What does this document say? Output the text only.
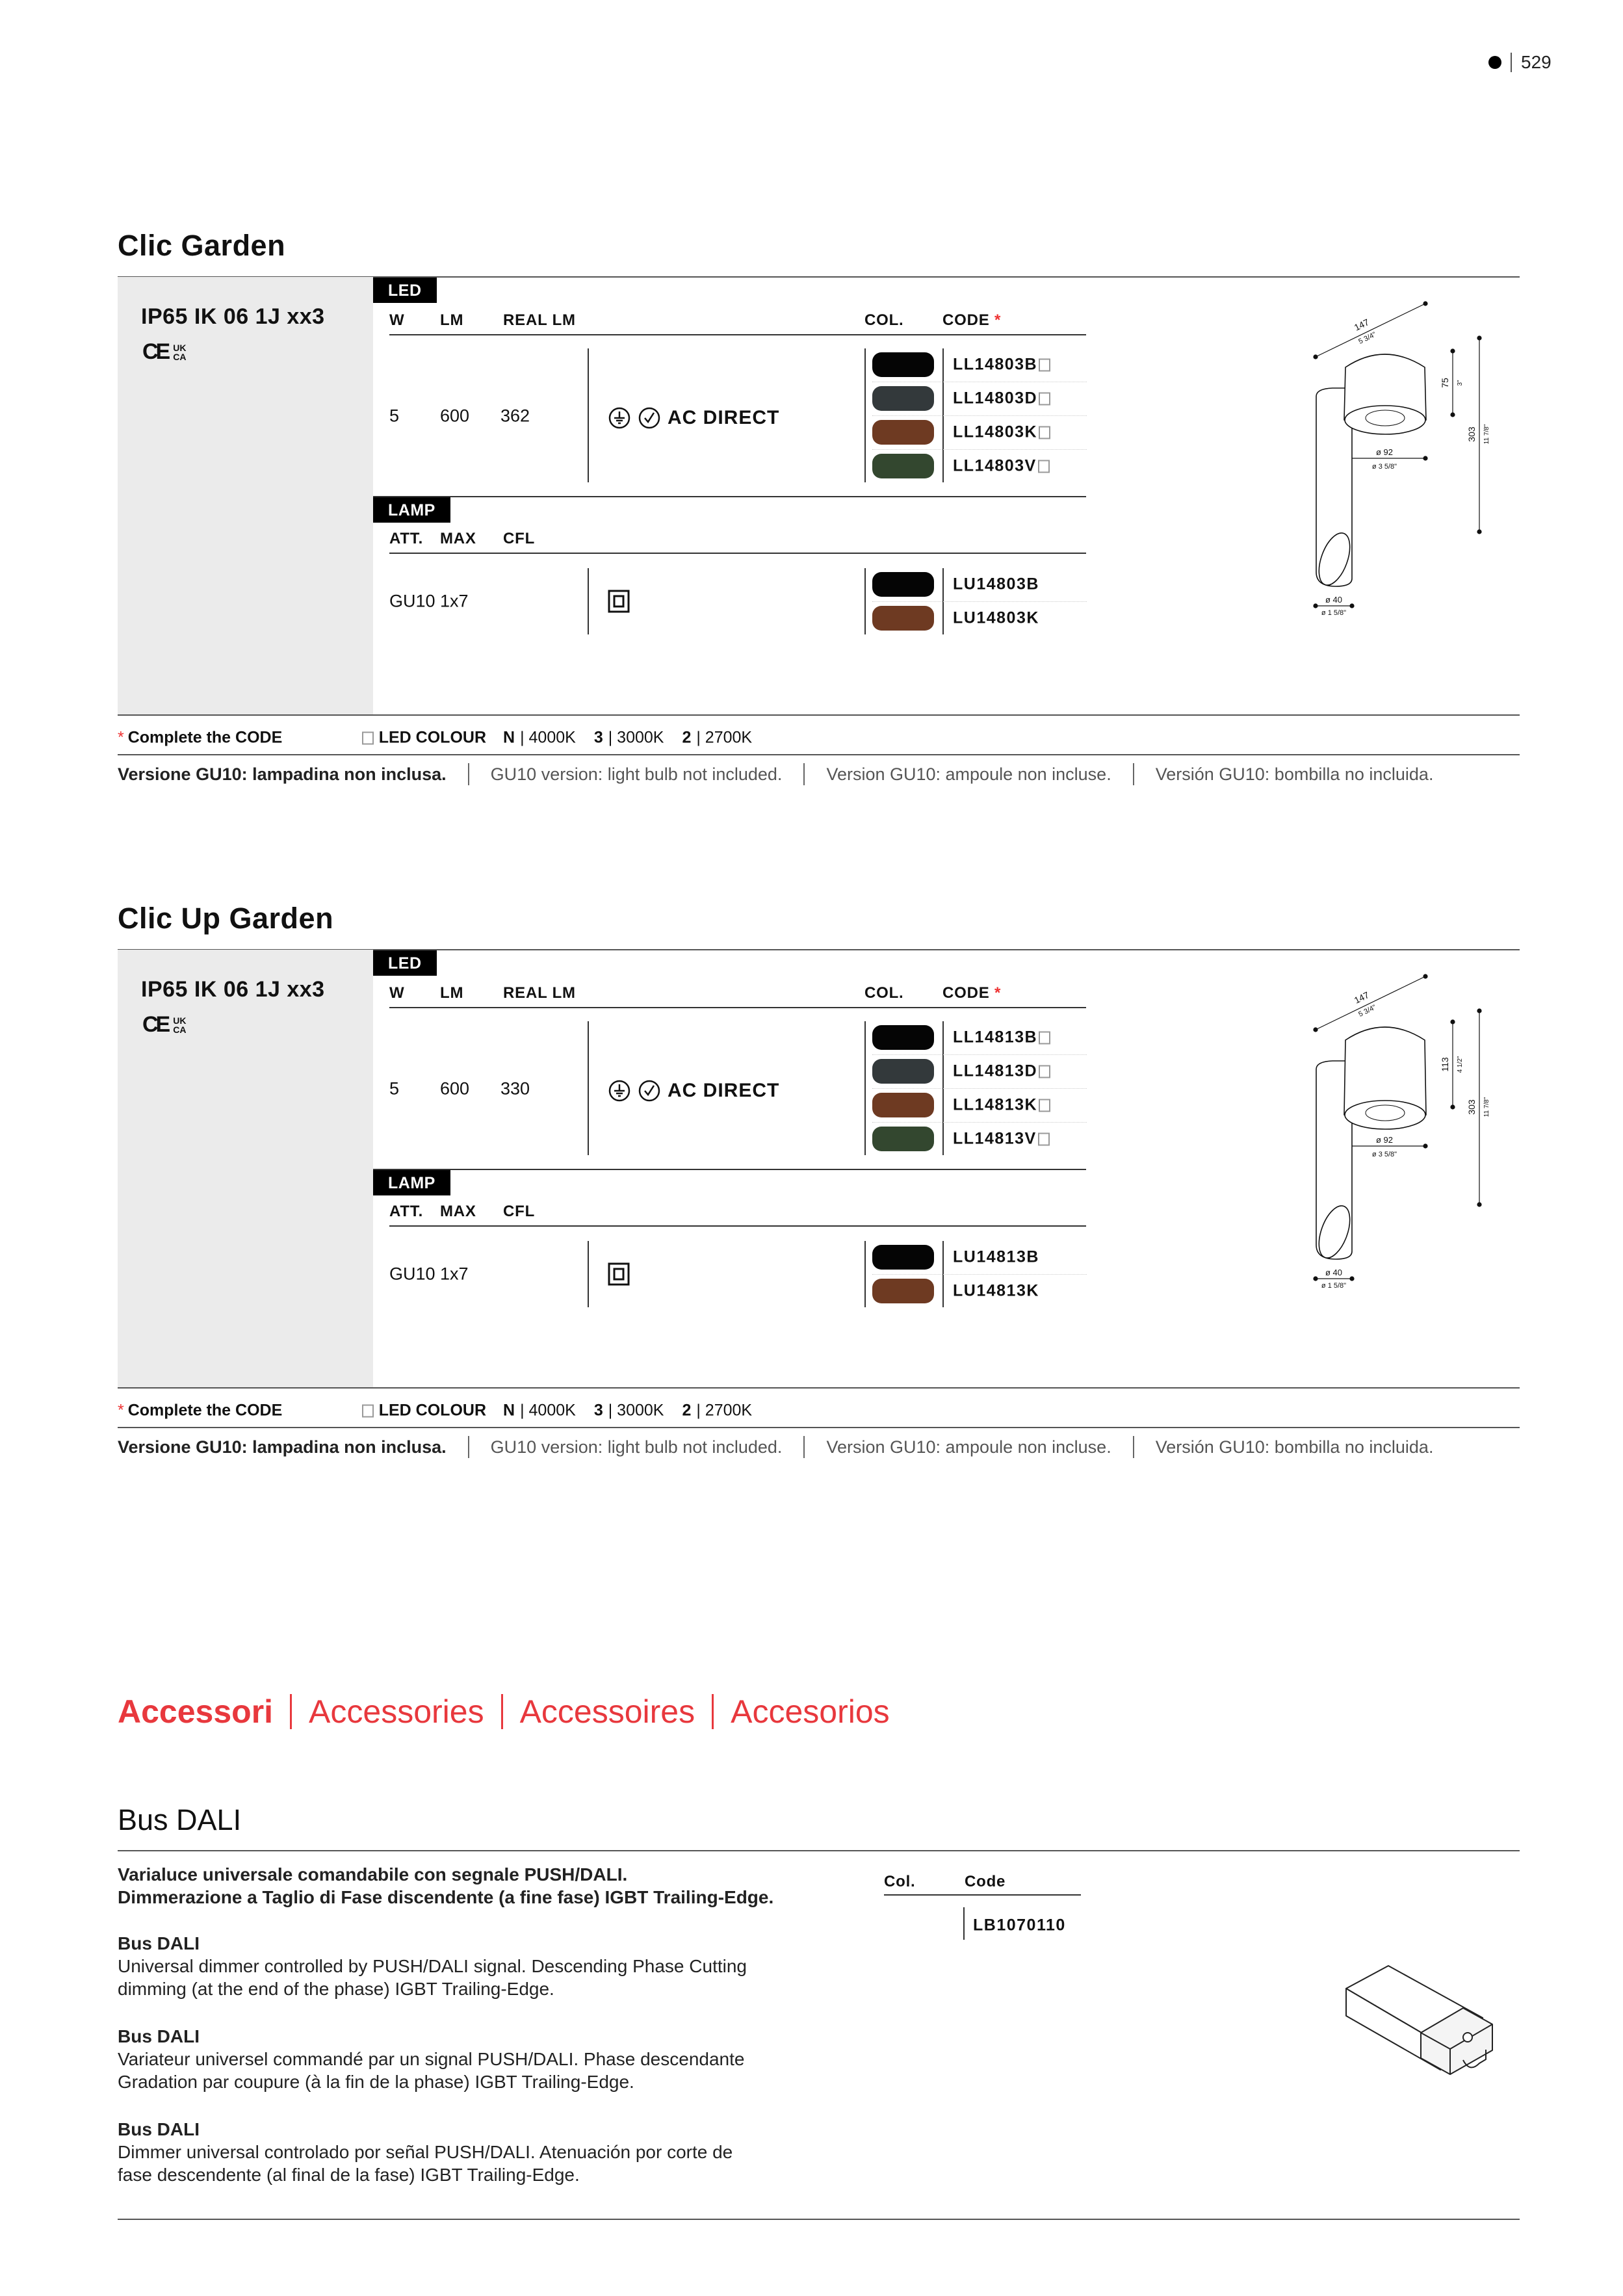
529
Clic Garden
IP65 IK 06 1J xx3
CE UK
CA
LED
W LM	REAL LM	COL. CODE *
5 600 362	AC DIRECT
LL14803B
LL14803D
LL14803K
LL14803V
LAMP
ATT. MAX CFL
GU10 1x7
LU14803B
LU14803K
147
5 3/4"
75 3"
303 11 7/8"
ø 92
ø 3 5/8"
ø 40
ø 1 5/8"
* Complete the CODE	LED COLOUR N | 4000K 3 | 3000K 2 | 2700K
Versione GU10: lampadina non inclusa.	GU10 version: light bulb not included.	Version GU10: ampoule non incluse.	Versión GU10: bombilla no incluida.
Clic Up Garden
IP65 IK 06 1J xx3
CE UK
CA
LED
W LM	REAL LM	COL. CODE *
5 600 330	AC DIRECT
LL14813B
LL14813D
LL14813K
LL14813V
LAMP
ATT. MAX CFL
GU10 1x7
LU14813B
LU14813K
147
5 3/4"
113 4 1/2"
303 11 7/8"
ø 92
ø 3 5/8"
ø 40
ø 1 5/8"
* Complete the CODE	LED COLOUR N | 4000K 3 | 3000K 2 | 2700K
Versione GU10: lampadina non inclusa.	GU10 version: light bulb not included.	Version GU10: ampoule non incluse.	Versión GU10: bombilla no incluida.
Accessori Accessories Accessoires Accesorios
Bus DALI
Varialuce universale comandabile con segnale PUSH/DALI.
Dimmerazione a Taglio di Fase discendente (a fine fase) IGBT Trailing-Edge.
Bus DALI
Universal dimmer controlled by PUSH/DALI signal. Descending Phase Cutting
dimming (at the end of the phase) IGBT Trailing-Edge.
Bus DALI
Variateur universel commandé par un signal PUSH/DALI. Phase descendante
Gradation par coupure (à la fin de la phase) IGBT Trailing-Edge.
Bus DALI
Dimmer universal controlado por señal PUSH/DALI. Atenuación por corte de
fase descendente (al final de la fase) IGBT Trailing-Edge.
Col.	Code
LB1070110
